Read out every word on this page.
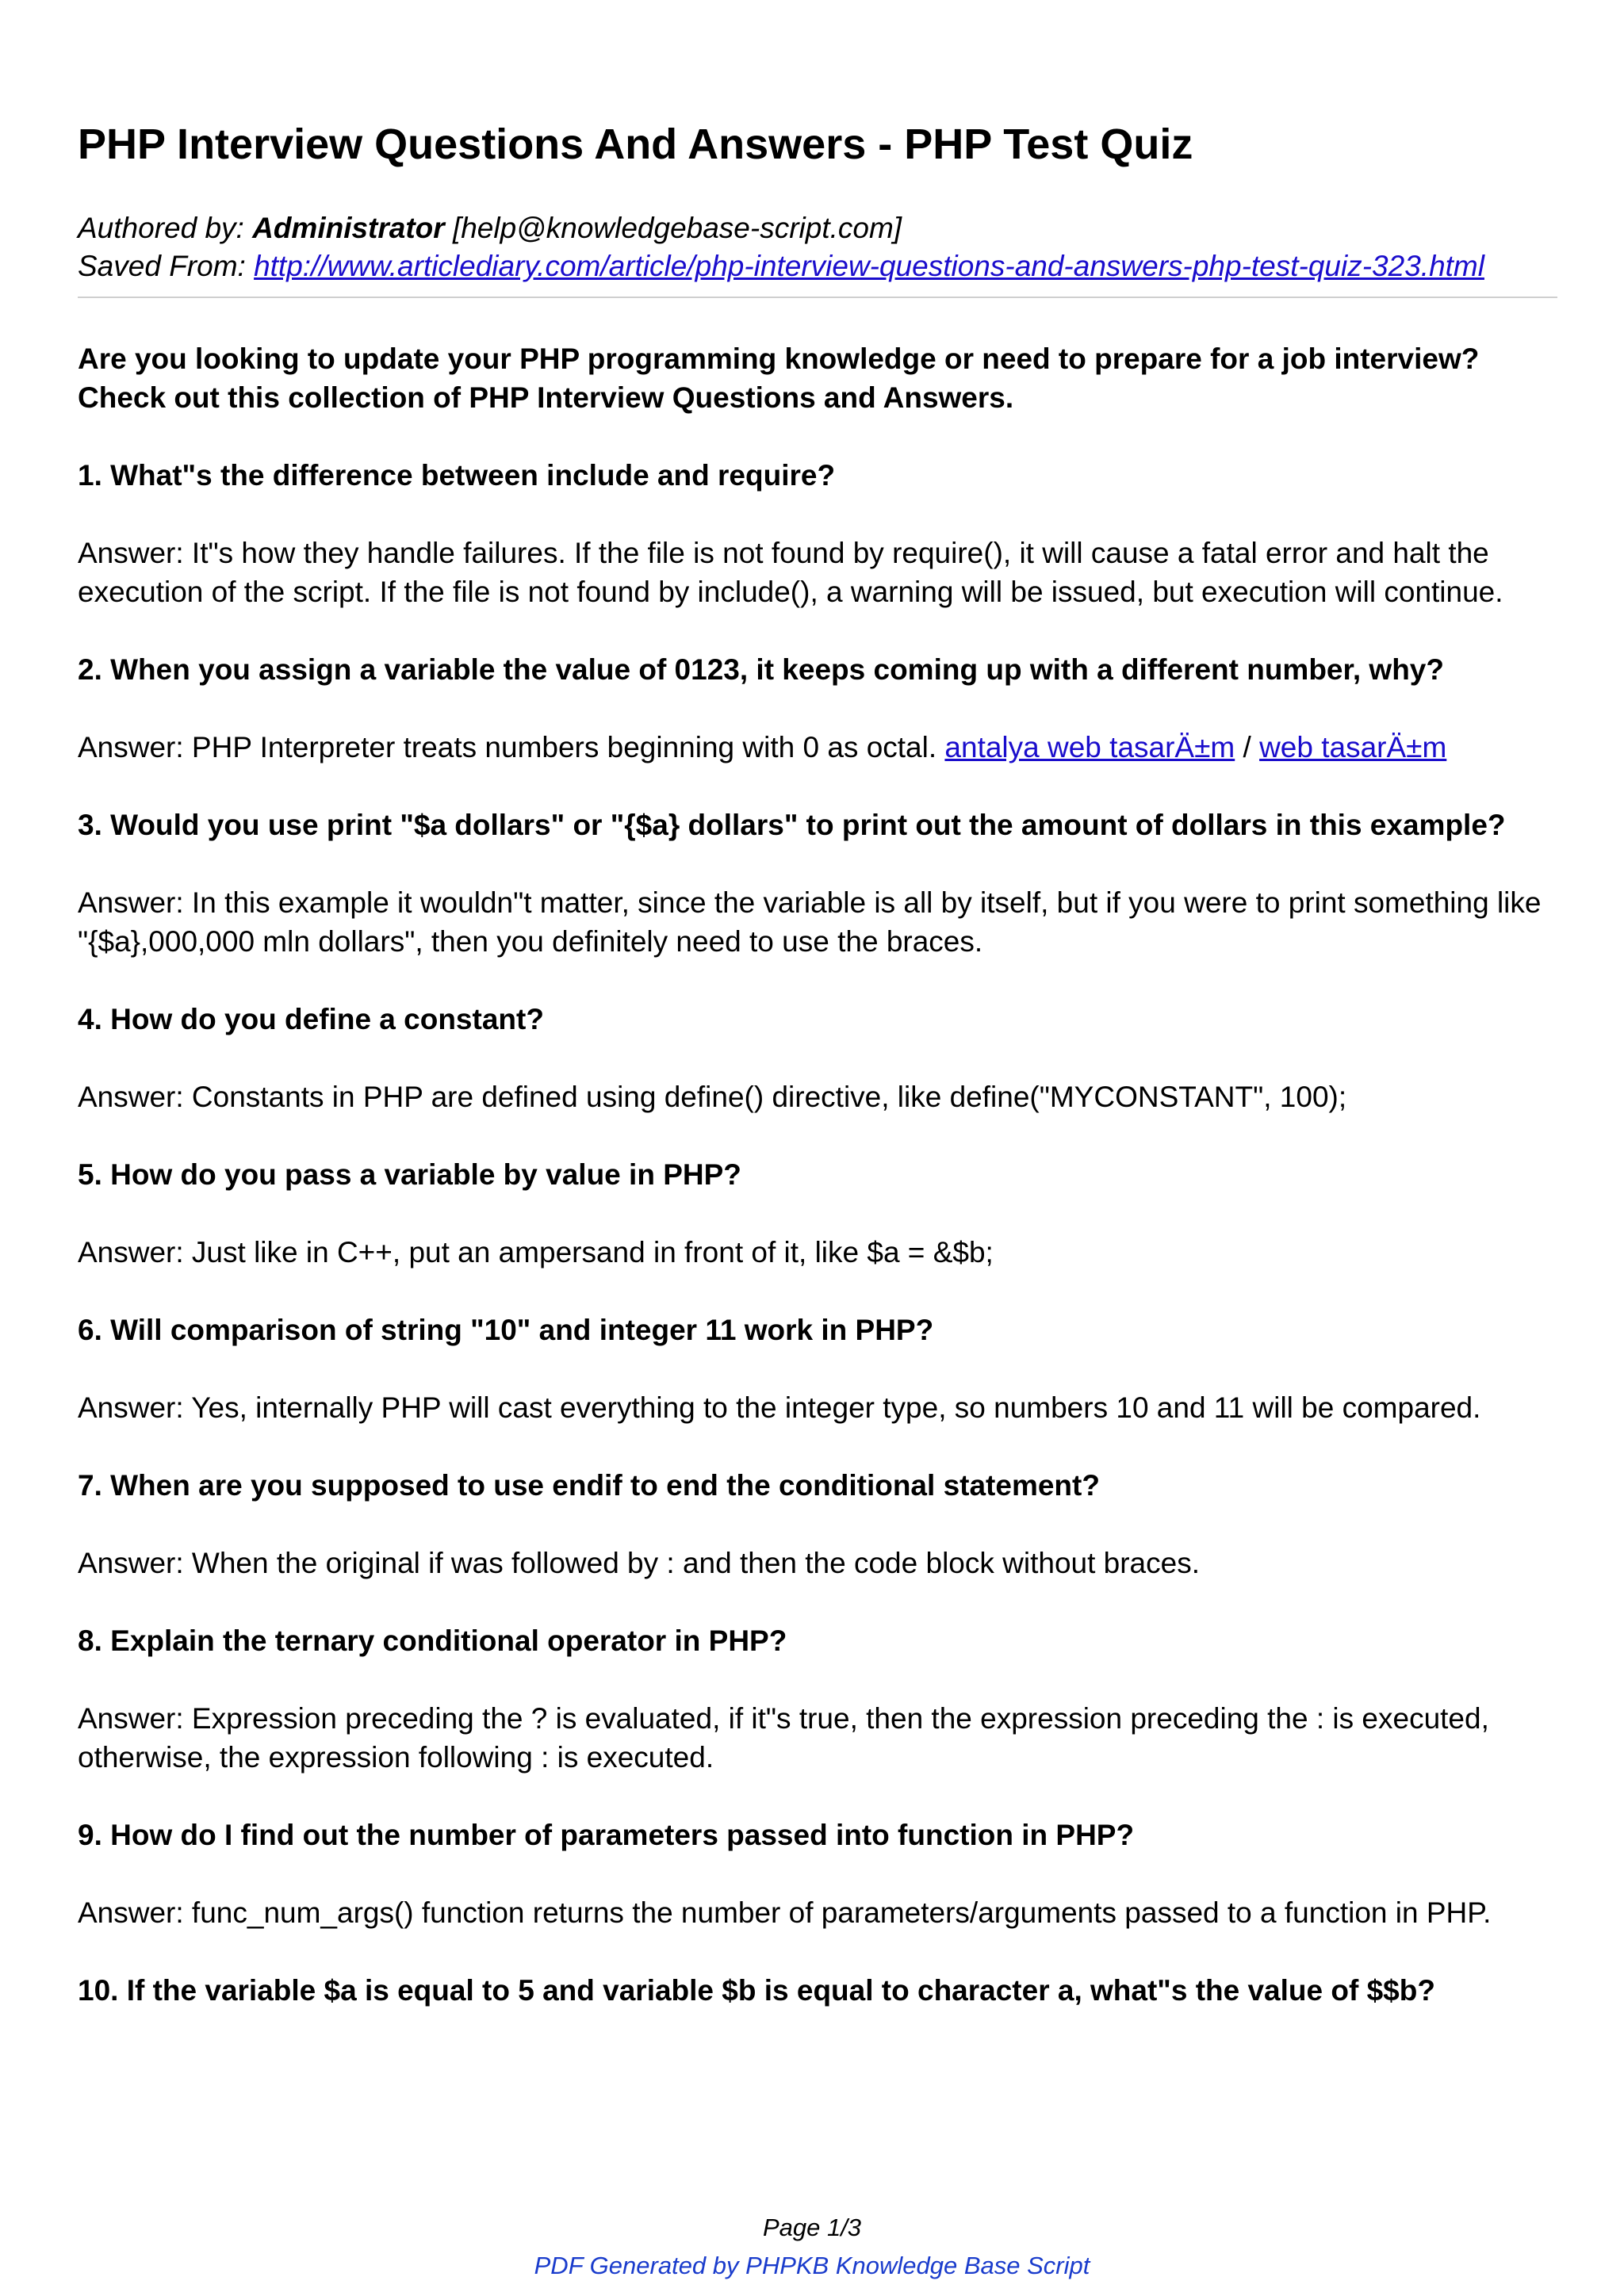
PHP Interview Questions And Answers - PHP Test Quiz
Authored by: Administrator [help@knowledgebase-script.com]
Saved From: http://www.articlediary.com/article/php-interview-questions-and-answers-php-test-quiz-323.html

Are you looking to update your PHP programming knowledge or need to prepare for a job interview? Check out this collection of PHP Interview Questions and Answers.

1. What"s the difference between include and require?

Answer: It"s how they handle failures. If the file is not found by require(), it will cause a fatal error and halt the execution of the script. If the file is not found by include(), a warning will be issued, but execution will continue.

2. When you assign a variable the value of 0123, it keeps coming up with a different number, why?

Answer: PHP Interpreter treats numbers beginning with 0 as octal. antalya web tasarÄ±m / web tasarÄ±m

3. Would you use print "$a dollars" or "{$a} dollars" to print out the amount of dollars in this example?

Answer: In this example it wouldn"t matter, since the variable is all by itself, but if you were to print something like "{$a},000,000 mln dollars", then you definitely need to use the braces.

4. How do you define a constant?

Answer: Constants in PHP are defined using define() directive, like define("MYCONSTANT", 100);

5. How do you pass a variable by value in PHP?

Answer: Just like in C++, put an ampersand in front of it, like $a = &$b;

6. Will comparison of string "10" and integer 11 work in PHP?

Answer: Yes, internally PHP will cast everything to the integer type, so numbers 10 and 11 will be compared.

7. When are you supposed to use endif to end the conditional statement?

Answer: When the original if was followed by : and then the code block without braces.

8. Explain the ternary conditional operator in PHP?

Answer: Expression preceding the ? is evaluated, if it"s true, then the expression preceding the : is executed, otherwise, the expression following : is executed.

9. How do I find out the number of parameters passed into function in PHP?

Answer: func_num_args() function returns the number of parameters/arguments passed to a function in PHP.

10. If the variable $a is equal to 5 and variable $b is equal to character a, what"s the value of $$b?

Page 1/3
PDF Generated by PHPKB Knowledge Base Script
